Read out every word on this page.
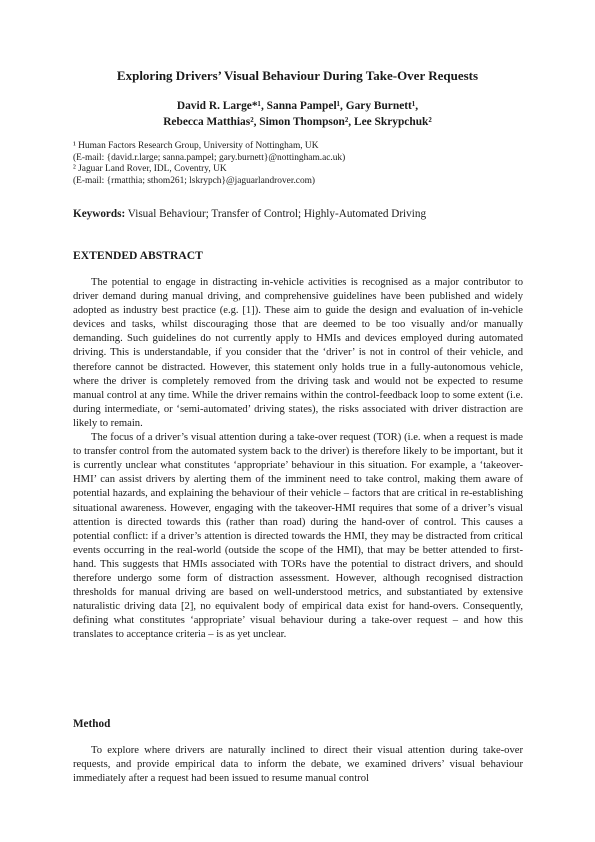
Exploring Drivers’ Visual Behaviour During Take-Over Requests
David R. Large*¹, Sanna Pampel¹, Gary Burnett¹,
Rebecca Matthias², Simon Thompson², Lee Skrypchuk²
¹ Human Factors Research Group, University of Nottingham, UK
(E-mail: {david.r.large; sanna.pampel; gary.burnett}@nottingham.ac.uk)
² Jaguar Land Rover, IDL, Coventry, UK
(E-mail: {rmatthia; sthom261; lskrypch}@jaguarlandrover.com)
Keywords: Visual Behaviour; Transfer of Control; Highly-Automated Driving
EXTENDED ABSTRACT

The potential to engage in distracting in-vehicle activities is recognised as a major contributor to driver demand during manual driving, and comprehensive guidelines have been published and widely adopted as industry best practice (e.g. [1]). These aim to guide the design and evaluation of in-vehicle devices and tasks, whilst discouraging those that are deemed to be too visually and/or manually demanding. Such guidelines do not currently apply to HMIs and devices employed during automated driving. This is understandable, if you consider that the ‘driver’ is not in control of their vehicle, and therefore cannot be distracted. However, this statement only holds true in a fully-autonomous vehicle, where the driver is completely removed from the driving task and would not be expected to resume manual control at any time. While the driver remains within the control-feedback loop to some extent (i.e. during intermediate, or ‘semi-automated’ driving states), the risks associated with driver distraction are likely to remain.

The focus of a driver’s visual attention during a take-over request (TOR) (i.e. when a request is made to transfer control from the automated system back to the driver) is therefore likely to be important, but it is currently unclear what constitutes ‘appropriate’ behaviour in this situation. For example, a ‘takeover-HMI’ can assist drivers by alerting them of the imminent need to take control, making them aware of potential hazards, and explaining the behaviour of their vehicle – factors that are critical in re-establishing situational awareness. However, engaging with the takeover-HMI requires that some of a driver’s visual attention is directed towards this (rather than road) during the hand-over of control. This causes a potential conflict: if a driver’s attention is directed towards the HMI, they may be distracted from critical events occurring in the real-world (outside the scope of the HMI), that may be better attended to first-hand. This suggests that HMIs associated with TORs have the potential to distract drivers, and should therefore undergo some form of distraction assessment. However, although recognised distraction thresholds for manual driving are based on well-understood metrics, and substantiated by extensive naturalistic driving data [2], no equivalent body of empirical data exist for hand-overs. Consequently, defining what constitutes ‘appropriate’ visual behaviour during a take-over request – and how this translates to acceptance criteria – is as yet unclear.

Method

To explore where drivers are naturally inclined to direct their visual attention during take-over requests, and provide empirical data to inform the debate, we examined drivers’ visual behaviour immediately after a request had been issued to resume manual control
